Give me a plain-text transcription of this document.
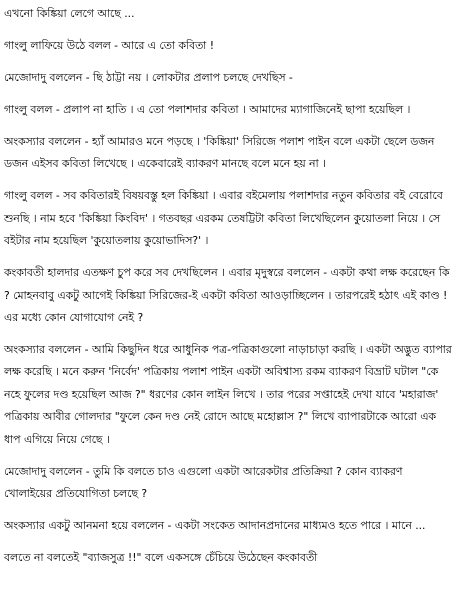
এখনো কিঙ্কিয়া লেগে আছে ...

গাংলু লাফিয়ে উঠে বলল - আরে এ তো কবিতা !

মেজোদাদু বললেন - ছি ঠাট্টা নয় । লোকটার প্রলাপ চলছে দেখছিস -

গাংলু বলল - প্রলাপ না হাতি । এ তো পলাশদার কবিতা । আমাদের ম্যাগাজিনেই ছাপা হয়েছিল ।

অংকস্যার বললেন - হ্যাঁ আমারও মনে পড়ছে । 'কিঙ্কিয়া' সিরিজে পলাশ পাইন বলে একটা ছেলে ডজন ডজন এইসব কবিতা লিখেছে । একেবারেই ব্যাকরণ মানছে বলে মনে হয় না ।

গাংলু বলল - সব কবিতারই বিষয়বস্তু হল কিঙ্কিয়া । এবার বইমেলায় পলাশদার নতুন কবিতার বই বেরোবে শুনছি । নাম হবে 'কিঙ্কিয়া কিংবিদ' । গতবছর এরকম তেষট্টিটা কবিতা লিখেছিলেন কুয়োতলা নিয়ে । সে বইটার নাম হয়েছিল 'কুয়োতলায় কুয়োভাদিস?' ।

কংকাবতী হালদার এতক্ষণ চুপ করে সব দেখছিলেন । এবার মৃদুস্বরে বললেন - একটা কথা লক্ষ করেছেন কি ? মোহনবাবু একটু আগেই কিঙ্কিয়া সিরিজের-ই একটা কবিতা আওড়াচ্ছিলেন । তারপরেই হঠাৎ এই কাণ্ড ! এর মধ্যে কোন যোগাযোগ নেই ?

অংকস্যার বললেন - আমি কিছুদিন ধরে আধুনিক পত্র-পত্রিকাগুলো নাড়াচাড়া করছি । একটা অদ্ভুত ব্যাপার লক্ষ করেছি । মনে করুন 'নির্বেদ' পত্রিকায় পলাশ পাইন একটা অবিশ্বাস্য রকম ব্যাকরণ বিভ্রাট ঘটাল "কে নহে ফুলের দণ্ড হয়েছিল আজ ?" ধরণের কোন লাইন লিখে । তার পরের সপ্তাহেই দেখা যাবে 'মহারাজ' পত্রিকায় আবীর গোলদার "ফুলে কেন দণ্ড নেই রোদে আছে মহোল্লাস ?" লিখে ব্যাপারটাকে আরো এক ধাপ এগিয়ে নিয়ে গেছে ।

মেজোদাদু বললেন - তুমি কি বলতে চাও এগুলো একটা আরেকটার প্রতিক্রিয়া ? কোন ব্যাকরণ খোলাইয়ের প্রতিযোগিতা চলছে ?

অংকস্যার একটু আনমনা হয়ে বললেন - একটা সংকেত আদানপ্রদানের মাধ্যমও হতে পারে । মানে ...

বলতে না বলতেই "ব্যাজসুত্র !!" বলে একসঙ্গে চেঁচিয়ে উঠেছেন কংকাবতী
